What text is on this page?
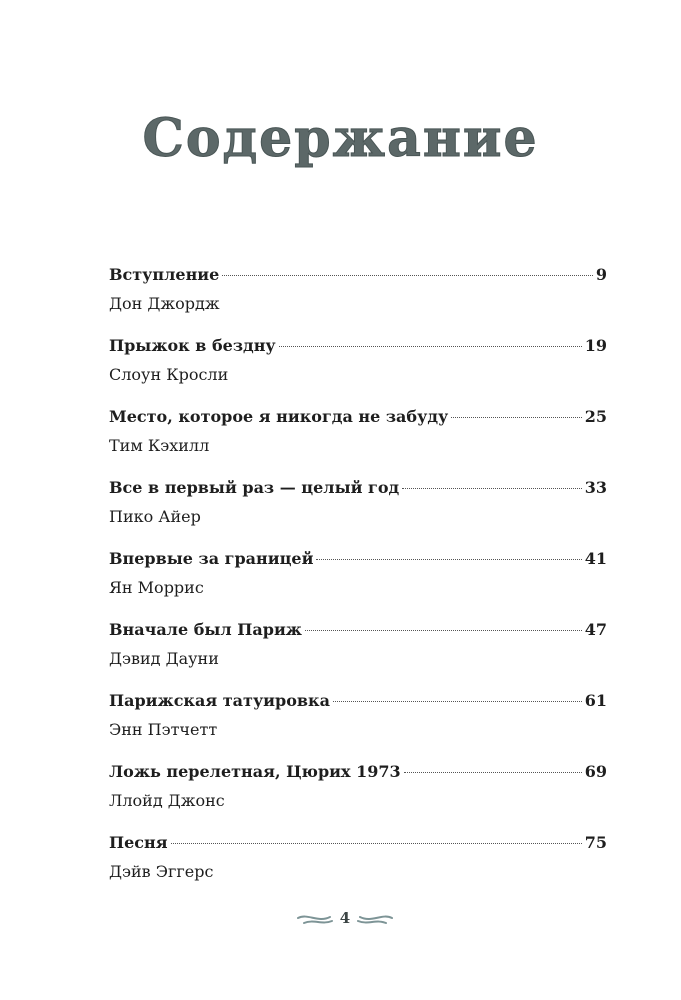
Содержание
Вступление	9
Дон Джордж
Прыжок в бездну	19
Слоун Кросли
Место, которое я никогда не забуду	25
Тим Кэхилл
Все в первый раз — целый год	33
Пико Айер
Впервые за границей	41
Ян Моррис
Вначале был Париж	47
Дэвид Дауни
Парижская татуировка	61
Энн Пэтчетт
Ложь перелетная, Цюрих 1973	69
Ллойд Джонс
Песня	75
Дэйв Эггерс
4
